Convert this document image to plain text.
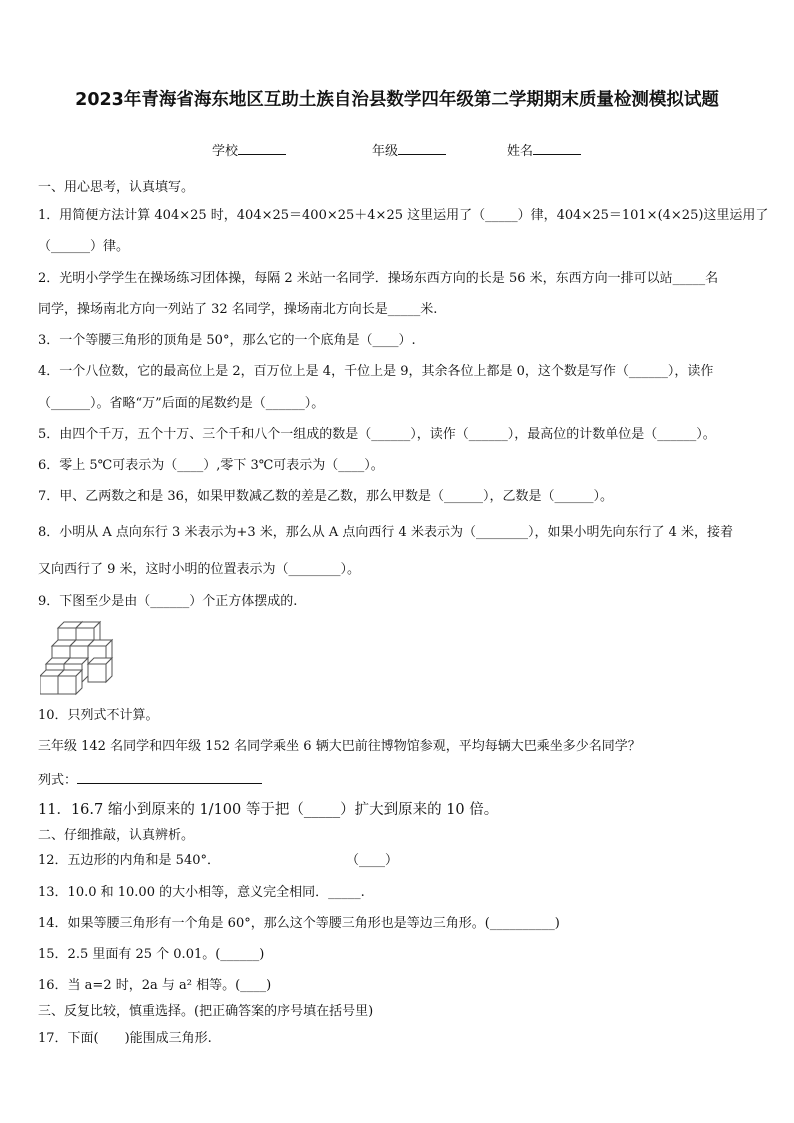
2023年青海省海东地区互助土族自治县数学四年级第二学期期末质量检测模拟试题
学校	年级	姓名
一、用心思考，认真填写。
1．用简便方法计算 404×25 时，404×25＝400×25＋4×25 这里运用了（_____）律，404×25＝101×(4×25)这里运用了
（______）律。
2．光明小学学生在操场练习团体操，每隔 2 米站一名同学．操场东西方向的长是 56 米，东西方向一排可以站_____名
同学，操场南北方向一列站了 32 名同学，操场南北方向长是_____米.
3．一个等腰三角形的顶角是 50°，那么它的一个底角是（____）.
4．一个八位数，它的最高位上是 2，百万位上是 4，千位上是 9，其余各位上都是 0，这个数是写作（______），读作
（______）。省略“万”后面的尾数约是（______）。
5．由四个千万，五个十万、三个千和八个一组成的数是（______），读作（______），最高位的计数单位是（______）。
6．零上 5℃可表示为（____）,零下 3℃可表示为（____）。
7．甲、乙两数之和是 36，如果甲数减乙数的差是乙数，那么甲数是（______），乙数是（______）。
8．小明从 A 点向东行 3 米表示为+3 米，那么从 A 点向西行 4 米表示为（________），如果小明先向东行了 4 米，接着
又向西行了 9 米，这时小明的位置表示为（________）。
9．下图至少是由（______）个正方体摆成的.
10．只列式不计算。
三年级 142 名同学和四年级 152 名同学乘坐 6 辆大巴前往博物馆参观，平均每辆大巴乘坐多少名同学？
列式：
11．16.7 缩小到原来的 1/100 等于把（_____）扩大到原来的 10 倍。
二、仔细推敲，认真辨析。
12．五边形的内角和是 540°．	（____）
13．10.0 和 10.00 的大小相等，意义完全相同．_____.
14．如果等腰三角形有一个角是 60°，那么这个等腰三角形也是等边三角形。(__________)
15．2.5 里面有 25 个 0.01。(______)
16．当 a=2 时，2a 与 a² 相等。(____)
三、反复比较，慎重选择。(把正确答案的序号填在括号里)
17．下面(　　)能围成三角形.
